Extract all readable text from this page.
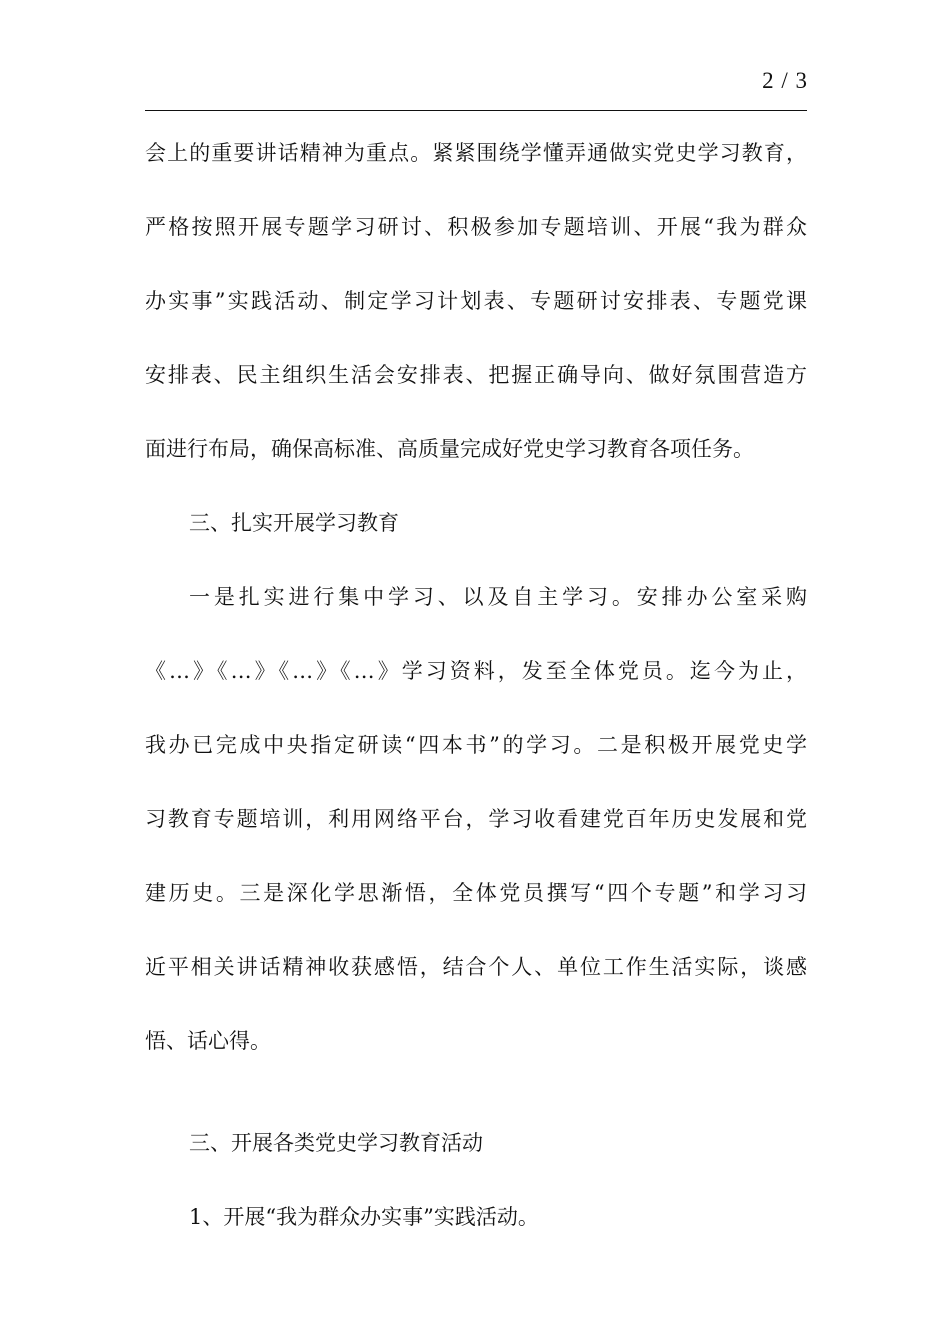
2 / 3
会上的重要讲话精神为重点。紧紧围绕学懂弄通做实党史学习教育，
严格按照开展专题学习研讨、积极参加专题培训、开展“我为群众
办实事”实践活动、制定学习计划表、专题研讨安排表、专题党课
安排表、民主组织生活会安排表、把握正确导向、做好氛围营造方
面进行布局，确保高标准、高质量完成好党史学习教育各项任务。
三、扎实开展学习教育
一是扎实进行集中学习、以及自主学习。安排办公室采购
《…》《…》《…》《…》学习资料，发至全体党员。迄今为止，
我办已完成中央指定研读“四本书”的学习。二是积极开展党史学
习教育专题培训，利用网络平台，学习收看建党百年历史发展和党
建历史。三是深化学思渐悟，全体党员撰写“四个专题”和学习习
近平相关讲话精神收获感悟，结合个人、单位工作生活实际，谈感
悟、话心得。
三、开展各类党史学习教育活动
1、开展“我为群众办实事”实践活动。
